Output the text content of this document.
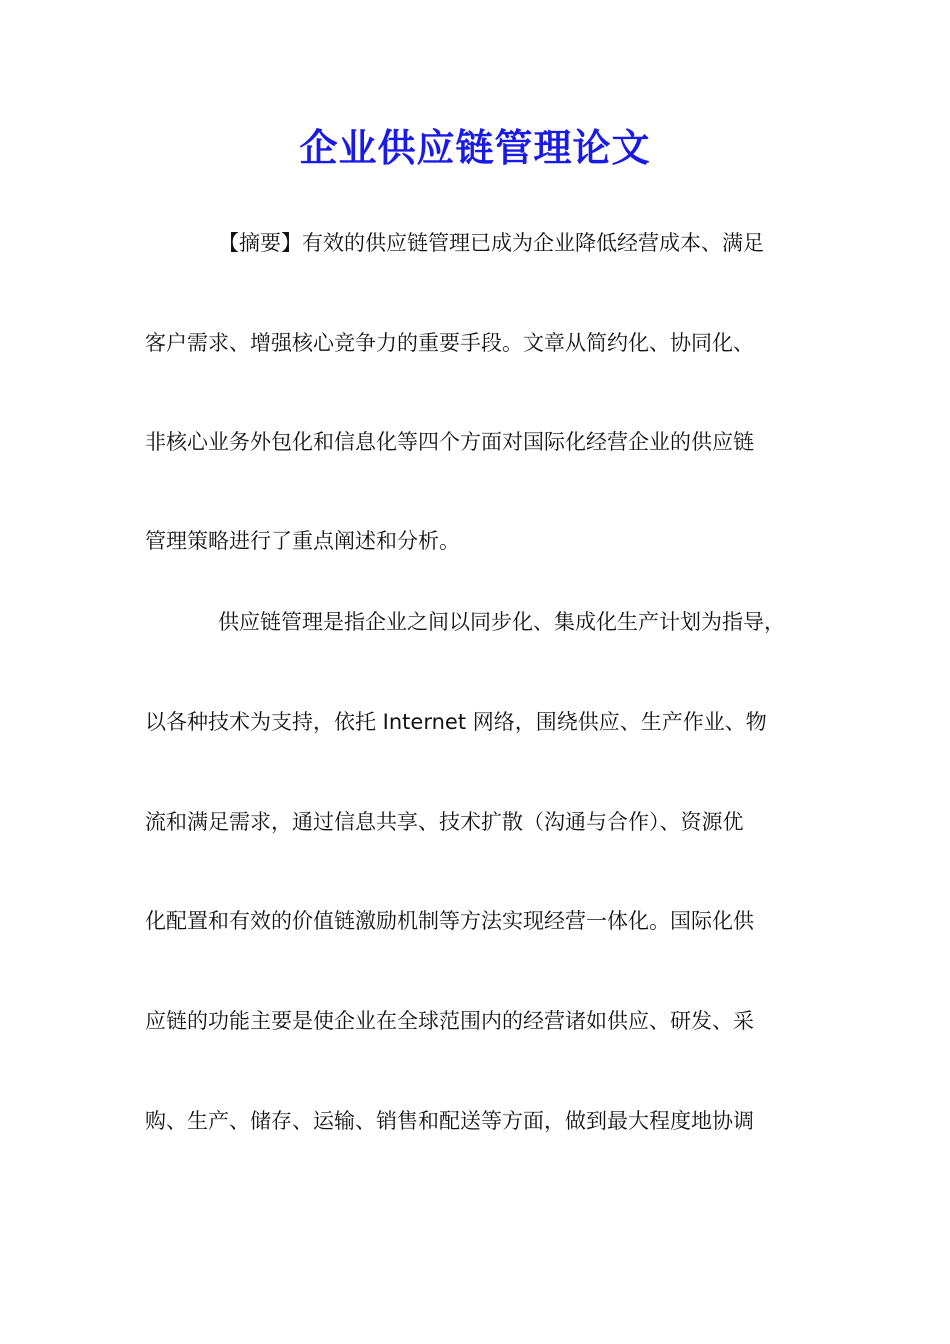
企业供应链管理论文

【摘要】有效的供应链管理已成为企业降低经营成本、满足

客户需求、增强核心竞争力的重要手段。文章从简约化、协同化、

非核心业务外包化和信息化等四个方面对国际化经营企业的供应链

管理策略进行了重点阐述和分析。

供应链管理是指企业之间以同步化、集成化生产计划为指导，

以各种技术为支持，依托 Internet 网络，围绕供应、生产作业、物

流和满足需求，通过信息共享、技术扩散（沟通与合作）、资源优

化配置和有效的价值链激励机制等方法实现经营一体化。国际化供

应链的功能主要是使企业在全球范围内的经营诸如供应、研发、采

购、生产、储存、运输、销售和配送等方面，做到最大程度地协调
